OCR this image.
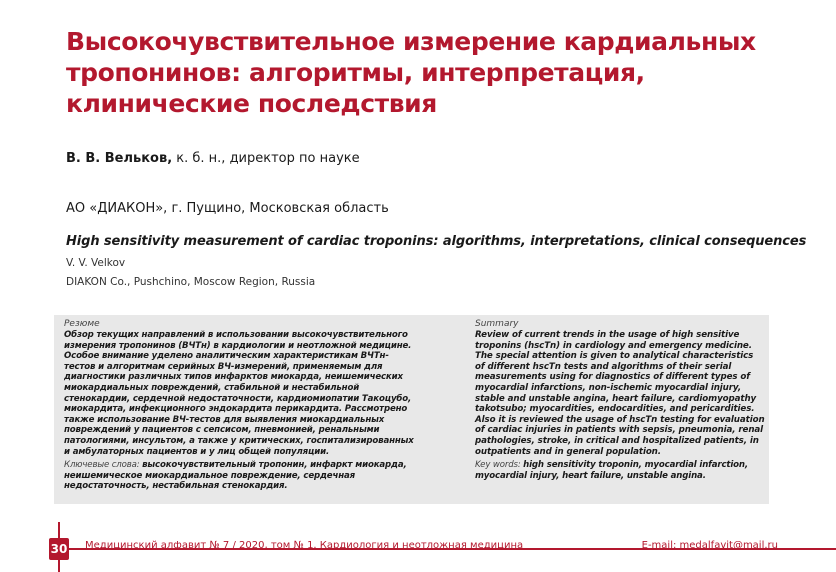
Высокочувствительное измерение кардиальных тропонинов: алгоритмы, интерпретация, клинические последствия
В. В. Вельков, к. б. н., директор по науке
АО «ДИАКОН», г. Пущино, Московская область
High sensitivity measurement of cardiac troponins: algorithms, interpretations, clinical consequences
V. V. Velkov
DIAKON Co., Pushchino, Moscow Region, Russia

Резюме

Обзор текущих направлений в использовании высокочувствительного измерения тропонинов (ВЧТн) в кардиологии и неотложной медицине. Особое внимание уделено аналитическим характеристикам ВЧТн-тестов и алгоритмам серийных ВЧ-измерений, применяемым для диагностики различных типов инфарктов миокарда, неишемических миокардиальных повреждений, стабильной и нестабильной стенокардии, сердечной недостаточности, кардиомиопатии Такоцубо, миокардита, инфекционного эндокардита перикардита. Рассмотрено также использование ВЧ-тестов для выявления миокардиальных повреждений у пациентов с сепсисом, пневмонией, ренальными патологиями, инсультом, а также у критических, госпитализированных и амбулаторных пациентов и у лиц общей популяции.

Ключевые слова: высокочувствительный тропонин, инфаркт миокарда, неишемическое миокардиальное повреждение, сердечная недостаточность, нестабильная стенокардия.

Summary

Review of current trends in the usage of high sensitive troponins (hscTn) in cardiology and emergency medicine. The special attention is given to analytical characteristics of different hscTn tests and algorithms of their serial measurements using for diagnostics of different types of myocardial infarctions, non-ischemic myocardial injury, stable and unstable angina, heart failure, cardiomyopathy takotsubo; myocardities, endocardities, and pericardities. Also it is reviewed the usage of hscTn testing for evaluation of cardiac injuries in patients with sepsis, pneumonia, renal pathologies, stroke, in critical and hospitalized patients, in outpatients and in general population.

Key words: high sensitivity troponin, myocardial infarction, myocardial injury, heart failure, unstable angina.

30 Медицинский алфавит № 7 / 2020, том № 1. Кардиология и неотложная медицина	E-mail: medalfavit@mail.ru
